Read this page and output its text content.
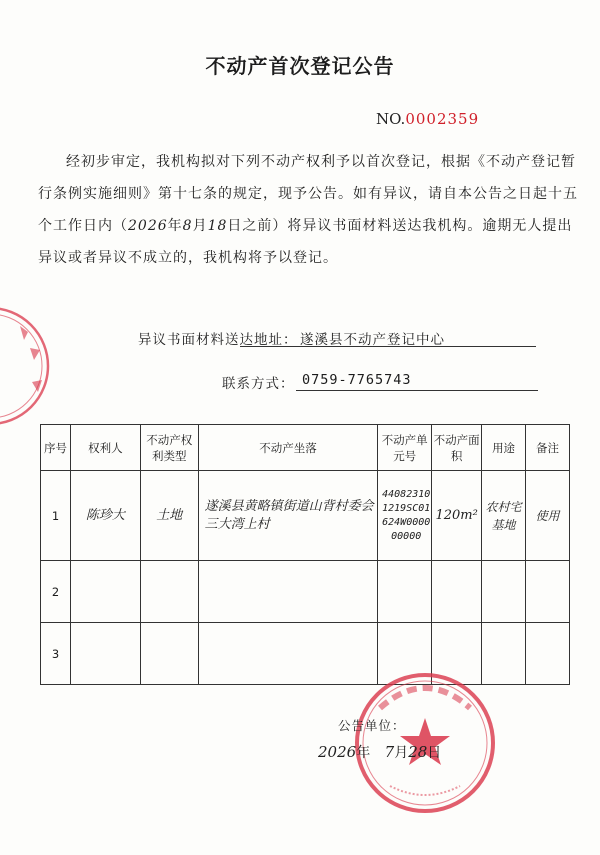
不动产首次登记公告
NO.0002359
经初步审定，我机构拟对下列不动产权利予以首次登记，根据《不动产登记暂行条例实施细则》第十七条的规定，现予公告。如有异议，请自本公告之日起十五个工作日内（2026年8月18日之前）将异议书面材料送达我机构。逾期无人提出异议或者异议不成立的，我机构将予以登记。
异议书面材料送达地址： 遂溪县不动产登记中心
联系方式： 0759-7765743
序号	权利人	不动产权利类型	不动产坐落	不动产单元号	不动产面 积	用途	备注
1	陈珍大	土地	遂溪县黄略镇街道山背村委会三大湾上村	440823101219SC01624W000000000	120m²	农村宅基地	使用
2							
3							
公告单位：
2026年 7月28日
